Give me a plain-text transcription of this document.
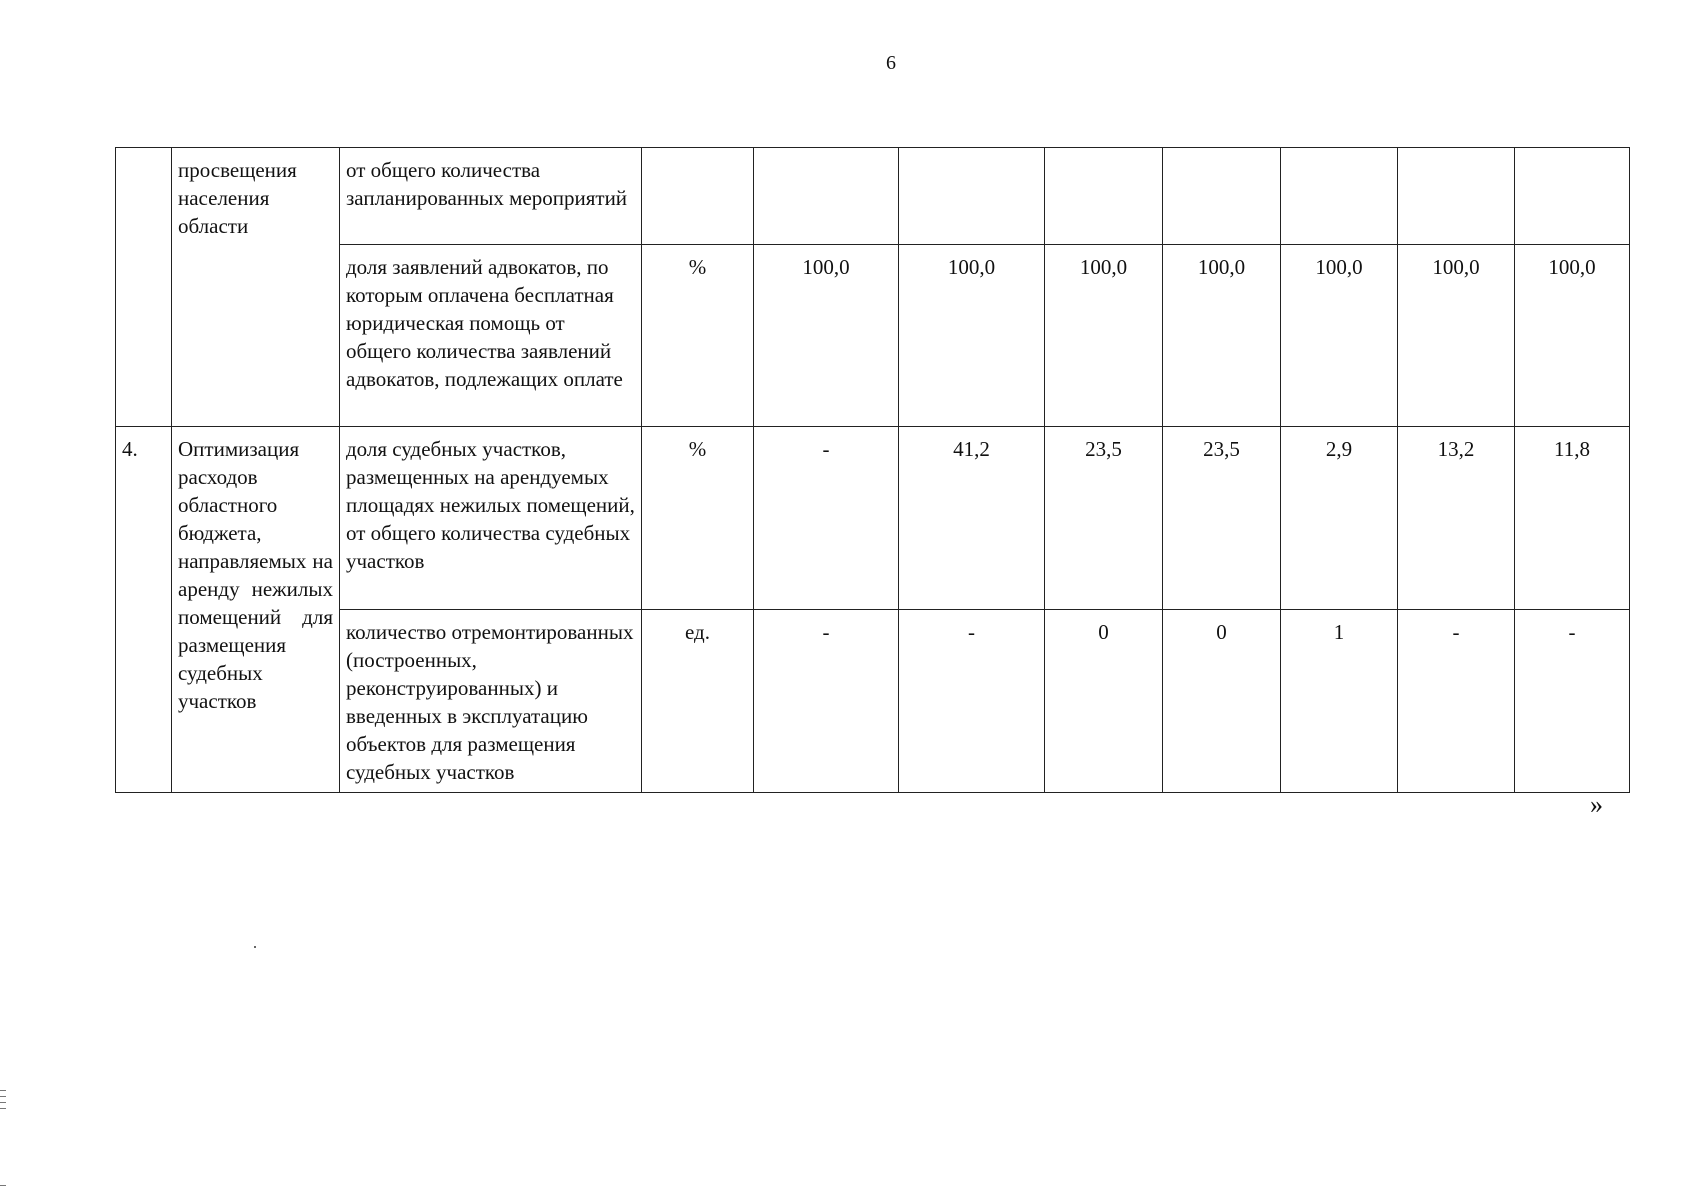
6
	просвещения населения области	от общего количества запланированных мероприятий								
		доля заявлений адвокатов, по которым оплачена бесплатная юридическая помощь от общего количества заявлений адвокатов, подлежащих оплате	%	100,0	100,0	100,0	100,0	100,0	100,0	100,0
4.	Оптимизация расходов областного бюджета, направляемых на аренду нежилых помещений для размещения судебных участков	доля судебных участков, размещенных на арендуемых площадях нежилых помещений, от общего количества судебных участков	%	-	41,2	23,5	23,5	2,9	13,2	11,8
		количество отремонтированных (построенных, реконструированных) и введенных в эксплуатацию объектов для размещения судебных участков	ед.	-	-	0	0	1	-	-
»
